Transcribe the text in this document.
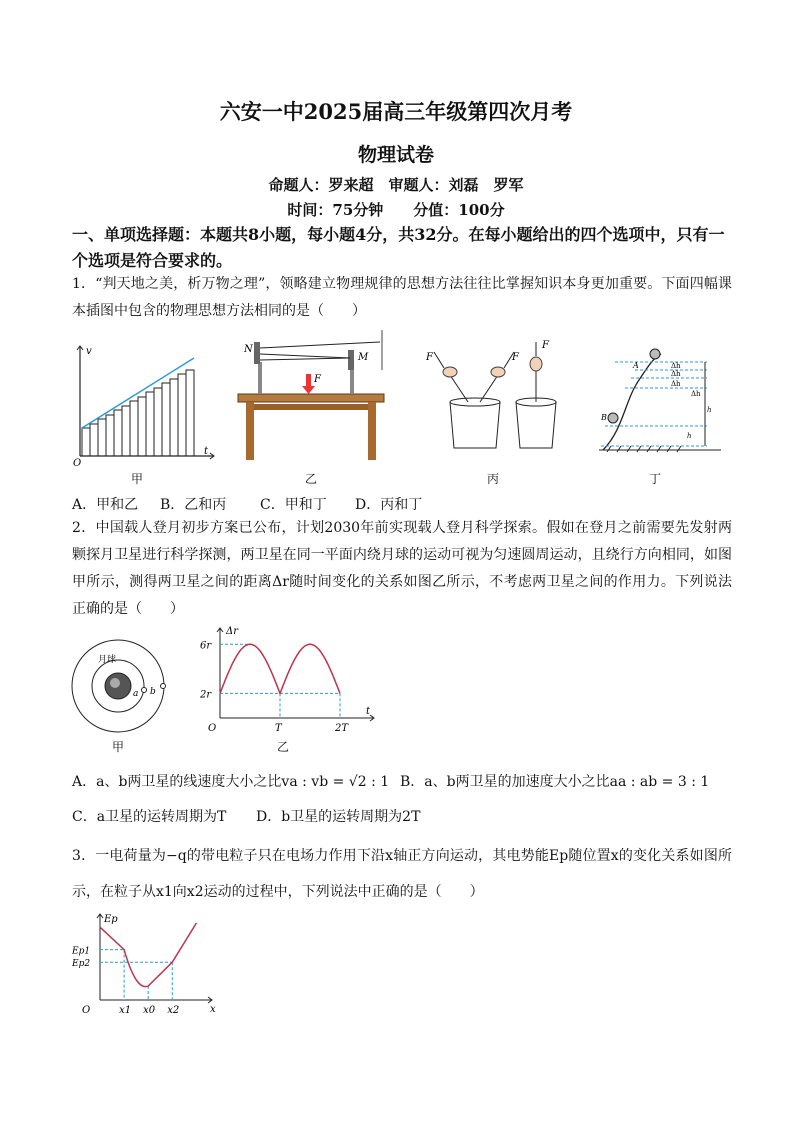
六安一中2025届高三年级第四次月考
物理试卷
命题人：罗来超　审题人：刘磊　罗军
时间：75分钟　　分值：100分
一、单项选择题：本题共8小题，每小题4分，共32分。在每小题给出的四个选项中，只有一个选项是符合要求的。
1．“判天地之美，析万物之理”，领略建立物理规律的思想方法往往比掌握知识本身更加重要。下面四幅课本插图中包含的物理思想方法相同的是（　　）
v
O
t
甲
F
N
M
乙
F	F
F
丙
A
B
Δh
Δh
Δh
Δh
h
h
丁
A．甲和乙 B．乙和丙 C．甲和丁 D．丙和丁
2．中国载人登月初步方案已公布，计划2030年前实现载人登月科学探索。假如在登月之前需要先发射两颗探月卫星进行科学探测，两卫星在同一平面内绕月球的运动可视为匀速圆周运动，且绕行方向相同，如图甲所示，测得两卫星之间的距离Δr随时间变化的关系如图乙所示，不考虑两卫星之间的作用力。下列说法正确的是（　　）
a b
月球
甲
Δr
t
O	T	2T
2r
6r
乙
A．a、b两卫星的线速度大小之比va : vb = √2 : 1 B．a、b两卫星的加速度大小之比aa : ab = 3 : 1
C．a卫星的运转周期为T D．b卫星的运转周期为2T
3．一电荷量为−q的带电粒子只在电场力作用下沿x轴正方向运动，其电势能Ep随位置x的变化关系如图所示，在粒子从x1向x2运动的过程中，下列说法中正确的是（　　）
Ep
x
O	x1 x0 x2
Ep1
Ep2
